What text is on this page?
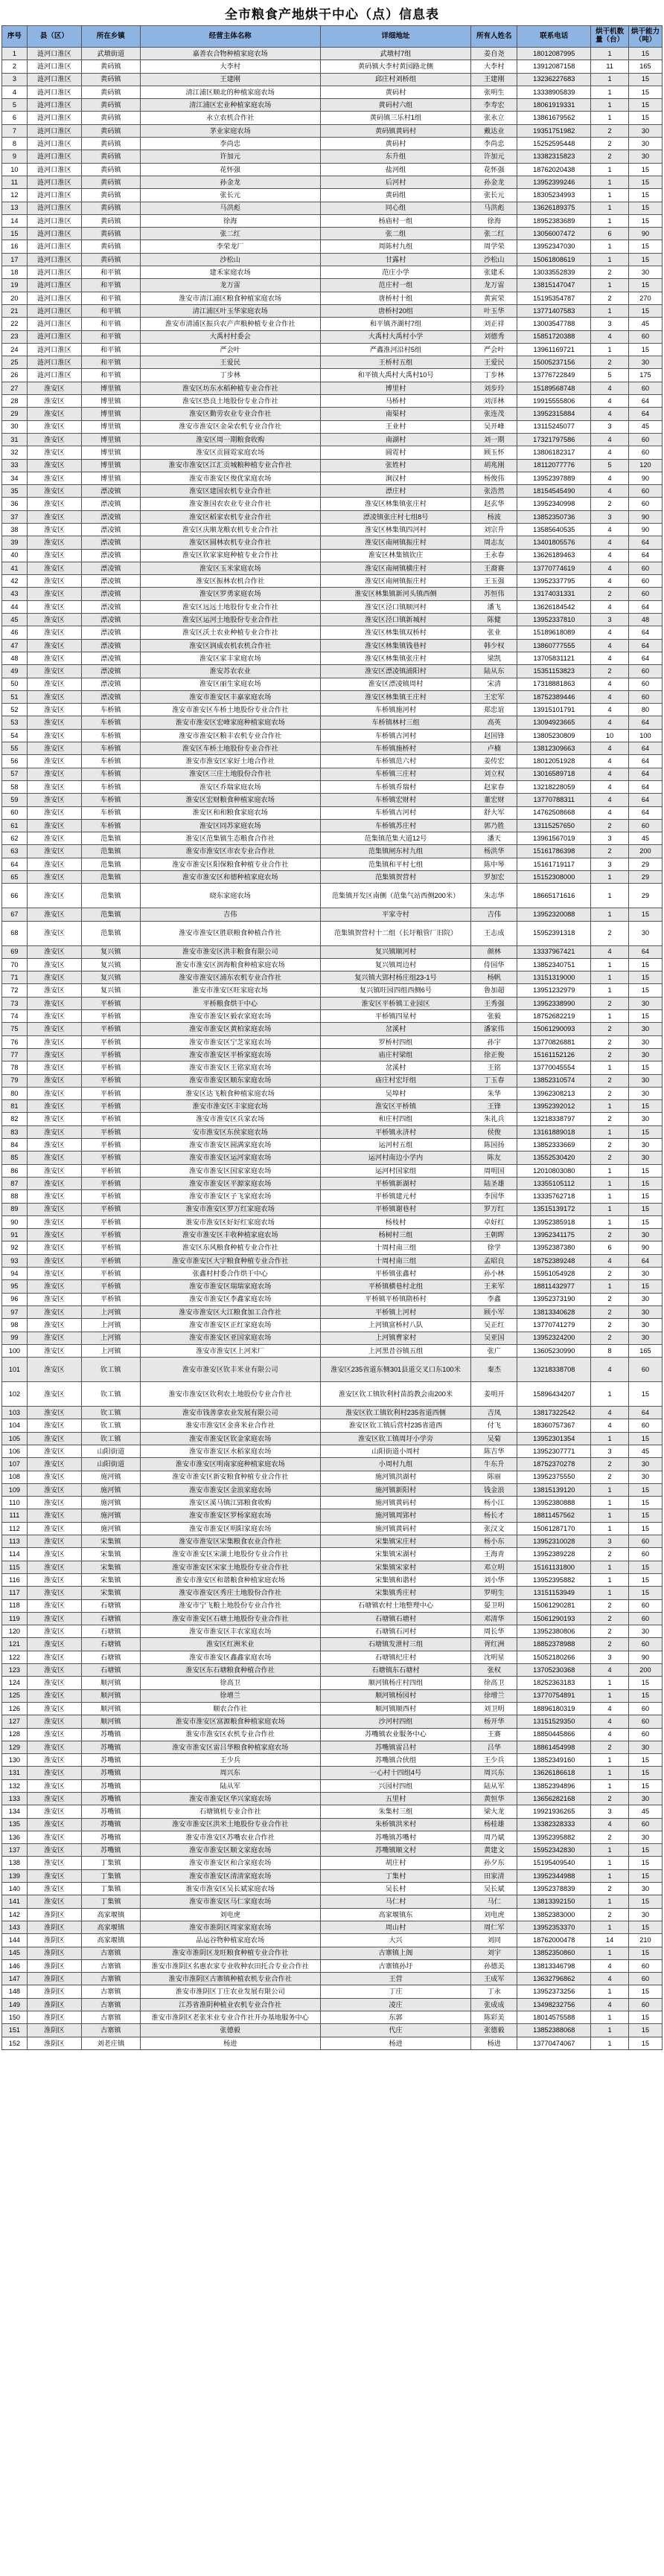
全市粮食产地烘干中心（点）信息表
序号	县（区）	所在乡镇	经营主体名称	详细地址	所有人姓名	联系电话	烘干机数量（台）	烘干能力（吨）
1	涟河口淮区	武墩街道	嘉善农合物种植家庭农场	武墩村7组	姜自尧	18012087995	1	15
2	涟河口淮区	黄码镇	大李村	黄码镇大李村黄园路北侧	大李村	13912087158	11	165
3	涟河口淮区	黄码镇	王建刚	邱庄村刘桥组	王建刚	13236227683	1	15
4	涟河口淮区	黄码镇	清江浦区顺北的种植家庭农场	黄码村	张明生	13338905839	1	15
5	涟河口淮区	黄码镇	清江浦区宏业种植家庭农场	黄码村六组	李寿宏	18061919331	1	15
6	涟河口淮区	黄码镇	永立农机合作社	黄码镇三乐村1组	张永立	13861679562	1	15
7	涟河口淮区	黄码镇	茅业家庭农场	黄码镇黄码村	戴达业	19351751982	2	30
8	涟河口淮区	黄码镇	李尚忠	黄码村	李尚忠	15252595448	2	30
9	涟河口淮区	黄码镇	许加元	东升组	许加元	13382315823	2	30
10	涟河口淮区	黄码镇	花怀强	盐河组	花怀强	18762020438	1	15
11	涟河口淮区	黄码镇	孙金龙	后河村	孙金龙	13952399246	1	15
12	涟河口淮区	黄码镇	张长元	黄码组	张长元	18305234993	1	15
13	涟河口淮区	黄码镇	马洪彪	同心组	马洪彪	13626189375	1	15
14	涟河口淮区	黄码镇	徐海	杨庙村一组	徐海	18952383689	1	15
15	涟河口淮区	黄码镇	张二红	张二组	张二红	13056007472	6	90
16	涟河口淮区	黄码镇	李荣龙厂	周陈村九组	周学荣	13952347030	1	15
17	涟河口淮区	黄码镇	沙松山	甘露村	沙松山	15061808619	1	15
18	涟河口淮区	和平镇	建禾家庭农场	范庄小学	张建禾	13033552839	2	30
19	涟河口淮区	和平镇	龙万雷	范庄村一组	龙万雷	13815147047	1	15
20	涟河口淮区	和平镇	淮安市清江浦区粮食种植家庭农场	唐桥村十组	黄寅荣	15195354787	2	270
21	涟河口淮区	和平镇	清江浦区叶玉华家庭农场	唐桥村20组	叶玉华	13771407583	1	15
22	涟河口淮区	和平镇	淮安市清浦区振兵农产声粮种植专业合作社	和平镇齐湖村7组	刘正祥	13003547788	3	45
23	涟河口淮区	和平镇	大禹村村委会	大禹村大禹村小学	刘德秀	15851720388	4	60
24	涟河口淮区	和平镇	严会叶	严鑫淮河沿村5组	严会叶	13961169721	1	15
25	涟河口淮区	和平镇	王爱民	王桥村五组	王爱民	15005237156	2	30
26	涟河口淮区	和平镇	丁步林	和平镇大禹村大禹村10号	丁步林	13776722849	5	175
27	淮安区	博里镇	淮安区坊东水稻种植专业合作社	博里村	刘步玲	15189568748	4	60
28	淮安区	博里镇	淮安区恐良土地股份专业合作社	马桥村	刘洋林	19915555806	4	64
29	淮安区	博里镇	淮安区勤劳农业专业合作社	南渠村	张连茂	13952315884	4	64
30	淮安区	博里镇	淮安市淮安区金朵农机专业合作社	王业村	吴开峰	13115245077	3	45
31	淮安区	博里镇	淮安区周一期粮食收购	南湖村	刘一期	17321797586	4	60
32	淮安区	博里镇	淮安区贡圆霓家庭农场	圆霓村	顾玉怀	13806182317	4	60
33	淮安区	博里镇	淮安市淮安区江汇贡城粮种植专业合作社	张姓村	胡兆刚	18112077776	5	120
34	淮安区	博里镇	淮安市淮安区俊优家庭农场	涧汉村	杨俊伟	13952397889	4	90
35	淮安区	漂凌镇	淮安区建国农机专业合作社	漂庄村	张浩然	18154545490	4	60
36	淮安区	漂凌镇	淮安淮国农农业专业合作社	淮安区林集镇张庄村	赵玄华	13952340998	2	60
37	淮安区	漂凌镇	淮安区稻家农机专业合作社	漂凌镇张庄村七组8号	杨波	13852350736	3	90
38	淮安区	漂凌镇	淮安区庆顺龙粮农机专业合作社	淮安区林集镇四河村	刘宗升	13585640535	4	90
39	淮安区	漂凌镇	淮安区圆林农机专业合作社	淮安区南闸镇振庄村	周志友	13401805576	4	64
40	淮安区	漂凌镇	淮安区钦家家庭种植专业合作社	淮安区林集镇钦庄	王永春	13626189463	4	64
41	淮安区	漂凌镇	淮安区玉米家庭农场	淮安区南闸镇横庄村	王裔赛	13770774619	4	60
42	淮安区	漂凌镇	淮安区振林农机合作社	淮安区南闸镇振庄村	王玉强	13952337795	4	60
43	淮安区	漂凌镇	淮安区罗勇家庭农场	淮安区林集镇新河头镇西侧	苏恒伟	13174031331	2	60
44	淮安区	漂凌镇	淮安区远远土地股份专业合作社	淮安区泾口镇顺河村	潘飞	13626184542	4	64
45	淮安区	漂凌镇	淮安区运河土地股份专业合作社	淮安区泾口镇新城村	陈健	13952337810	3	48
46	淮安区	漂凌镇	淮安区沃土农业种植专业合作社	淮安区林集镇双桥村	张业	15189618089	4	64
47	淮安区	漂凌镇	淮安区润成农机农机合作社	淮安区林集镇钱巷村	韩少权	13860777555	4	64
48	淮安区	漂凌镇	淮安区家丰家庭农场	淮安区林集镇张庄村	梁凯	13705831121	4	64
49	淮安区	漂凌镇	淮安苏农农业	淮安区漂凌镇浦阳村	陆从东	15351153823	2	60
50	淮安区	漂凌镇	淮安区丽生家庭农场	淮安区漂凌镇周村	宋清	17318881863	4	60
51	淮安区	漂凌镇	淮安市淮安区丰嘉家庭农场	淮安区林集镇王庄村	王宏军	18752389446	4	60
52	淮安区	车桥镇	淮安市淮安区车桥土地股份专业合作社	车桥镇施河村	郑忠谊	13915101791	4	80
53	淮安区	车桥镇	淮安市淮安区宏峰家庭种植家庭农场	车桥镇林村三组	高英	13094923665	4	64
54	淮安区	车桥镇	淮安市淮安区粮丰农机专业合作社	车桥镇古河村	赵国锋	13805230809	10	100
55	淮安区	车桥镇	淮安区车桥土地股份专业合作社	车桥镇施桥村	卢楠	13812309663	4	64
56	淮安区	车桥镇	淮安市淮安区家好土地合作社	车桥镇范六村	姜传宏	18012051928	4	64
57	淮安区	车桥镇	淮安区三庄土地股份合作社	车桥镇三庄村	刘立权	13016589718	4	64
58	淮安区	车桥镇	淮安区乔瑞家庭农场	车桥镇乔瑞村	赵家春	13218228059	4	64
59	淮安区	车桥镇	淮安区宏财粮食种植家庭农场	车桥镇宏财村	董宏财	13770788311	4	64
60	淮安区	车桥镇	淮安区和和粮食家庭农场	车桥镇古河村	舒大军	14762508668	4	64
61	淮安区	车桥镇	淮安区同苏家庭农场	车桥镇苏庄村	郭乃胜	13115257650	2	60
62	淮安区	范集镇	淮安区范集镇生态粮食合作社	范集镇范集大道12号	潘天	13961567019	3	45
63	淮安区	范集镇	淮安市淮安区市农专业合作社	范集镇闸东村九组	杨洪华	15161786398	2	200
64	淮安区	范集镇	淮安市淮安区阳保粮食种植专业合作社	范集镇和平村七组	陈中琴	15161719117	3	29
65	淮安区	范集镇	淮安市淮安区和德种植家庭农场	范集镇贺营村	罗加宏	15152308000	1	29
66	淮安区	范集镇	晓东家庭农场	范集镇开发区南侧（范集气站西侧200米）	朱志华	18665171616	1	29
67	淮安区	范集镇	吉伟	平家寺村	吉伟	13952320088	1	15
68	淮安区	范集镇	淮安市淮安区胜联粮食种植合作社	范集镇贺营村十二组（长圩粮管厂旧院）	王志成	15952391318	2	30
69	淮安区	复兴镇	淮安市淮安区洪丰粮食有限公司	复兴镇顺河村	颜林	13337967421	4	64
70	淮安区	复兴镇	淮安市淮安区润海粮食种植家庭农场	复兴镇周边村	侍国华	13852340751	1	15
71	淮安区	复兴镇	淮安市淮安区浦东农机专业合作社	复兴镇大郢村杨庄组23-1号	杨帆	13151319000	1	15
72	淮安区	复兴镇	淮安市淮安区旺家庭农场	复兴镇旺园四组西侧6号	鲁加超	13951232979	1	15
73	淮安区	平桥镇	平桥粮食烘干中心	淮安区平桥镇工业园区	王秀强	13952338990	2	30
74	淮安区	平桥镇	淮安市淮安区毅农家庭农场	平桥镇四星村	张毅	18752682219	1	15
75	淮安区	平桥镇	淮安市淮安区黄柏家庭农场	岔溪村	潘家伟	15061290093	2	30
76	淮安区	平桥镇	淮安市淮安区宁芝家庭农场	罗桥村四组	孙宇	13770826881	2	30
77	淮安区	平桥镇	淮安市淮安区平桥家庭农场	庙庄村梁组	徐正俊	15161152126	2	30
78	淮安区	平桥镇	淮安市淮安区王铭家庭农场	岔溪村	王铭	13770045554	1	15
79	淮安区	平桥镇	淮安市淮安区顺东家庭农场	庙庄村宏圩组	丁玉春	13852310574	2	30
80	淮安区	平桥镇	淮安区达飞粮食种植家庭农场	吴埠村	朱华	13962308213	2	30
81	淮安区	平桥镇	淮安市淮安区丰家庭农场	淮安区平桥镇	王锋	13952392012	1	15
82	淮安区	平桥镇	淮安市淮安区兵家农场	和庄村四组	朱礼兵	13218338797	2	30
83	淮安区	平桥镇	安市淮安区东侯家庭农场	平桥镇永济村	侯俊	13161889018	1	15
84	淮安区	平桥镇	淮安市淮安区圆满家庭农场	运河村五组	陈国扬	13852333669	2	30
85	淮安区	平桥镇	淮安市淮安区运河家庭农场	运河村南边小学内	陈友	13552530420	2	30
86	淮安区	平桥镇	淮安市淮安区国家家庭农场	运河村国家组	周明国	12010803080	1	15
87	淮安区	平桥镇	淮安市淮安区平源家庭农场	平桥镇新湖村	陆圣雄	13355105112	1	15
88	淮安区	平桥镇	淮安市淮安区子飞家庭农场	平桥镇建元村	李国华	13335762718	1	15
89	淮安区	平桥镇	淮安市淮安区罗万红家庭农场	平桥镇谢巷村	罗万红	13515139172	1	15
90	淮安区	平桥镇	淮安市淮安区好好红家庭农场	杨枝村	卓好红	13952385918	1	15
91	淮安区	平桥镇	淮安市淮安区丰收种植家庭农场	杨树村三组	王朝晖	13952341175	2	30
92	淮安区	平桥镇	淮安区东风粮食种植专业合作社	十周村南三组	徐学	13952387380	6	90
93	淮安区	平桥镇	淮安市淮安区大宇粮食种植专业合作社	十周村南三组	孟昭良	18752389248	4	64
94	淮安区	平桥镇	张鑫村村委合作烘干中心	平桥镇张鑫村	孙小林	15951054928	2	30
95	淮安区	平桥镇	淮安市淮安区瑞瑞家庭农场	平桥镇横巷村北组	王来军	18811432977	1	15
96	淮安区	平桥镇	淮安市淮安区李鑫家庭农场	平桥镇平桥镇隋桥村	李鑫	13952373190	2	30
97	淮安区	上河镇	淮安市淮安区大江粮食加工合作社	平桥镇上河村	顾小军	13813340628	2	30
98	淮安区	上河镇	淮安市淮安区正红家庭农场	上河镇富桥村八队	吴正红	13770741279	2	30
99	淮安区	上河镇	淮安市淮安区亚国家庭农场	上河镇曹家村	吴亚国	13952324200	2	30
100	淮安区	上河镇	淮安市淮安区上河米厂	上河黑昔谷镇五组	张广	13605230990	8	165
101	淮安区	钦工镇	淮安市淮安区钦丰米业有限公司	淮安区235省道东侧301县道交叉口东100米	秦杰	13218338708	4	60
102	淮安区	钦工镇	淮安市淮安区钦利农土地股份专业合作社	淮安区钦工镇钦利村苗韵教会南200米	姜明开	15896434207	1	15
103	淮安区	钦工镇	淮安市钱善拿农业发展有限公司	淮安区钦工镇钦利村235省道西侧	吉凤	13817322542	4	64
104	淮安区	钦工镇	淮安市淮安区金喜米业合作社	淮安区钦工镇后营村235省道西	付飞	18360757367	4	60
105	淮安区	钦工镇	淮安市淮安区钦金家庭农场	淮安区钦工镇周圩小学旁	吴菊	13952301354	1	15
106	淮安区	山阳街道	淮安市淮安区水稻家庭农场	山阳街道小周村	陈吉华	13952307771	3	45
107	淮安区	山阳街道	淮安市淮安区明南家庭种植家庭农场	小周村九组	牛东升	18752370278	2	30
108	淮安区	施河镇	淮安市淮安区新安粮食种植专业合作社	施河镇洪湖村	陈丽	13952375550	2	30
109	淮安区	施河镇	淮安市淮安区金浪家庭农场	施河镇新阳村	钱金浪	13815139120	1	15
110	淮安区	施河镇	淮安区溪马镇江郢粮食收购	施河镇黄码村	杨小江	13952380888	1	15
111	淮安区	施河镇	淮安市淮安区罗杨家庭农场	施河镇周郢村	杨长才	18811457562	1	15
112	淮安区	施河镇	淮安市淮安区明阳家庭农场	施河镇黄码村	张汉文	15061287170	1	15
113	淮安区	宋集镇	淮安市淮安区宋集粮食农业合作社	宋集镇宋庄村	杨小东	13952310028	3	60
114	淮安区	宋集镇	淮安市淮安区宋湖土地股份专业合作社	宋集镇宋湖村	王海青	13952389228	2	60
115	淮安区	宋集镇	淮安市淮安区宋家土地股份专业合作社	宋集镇宋家村	邓立明	15161131800	1	15
116	淮安区	宋集镇	淮安市淮安区和谐粮食种植家庭农场	宋集镇和谐村	刘小华	13952395882	1	15
117	淮安区	宋集镇	淮安市淮安区秀庄土地股份合作社	宋集镇秀庄村	罗明生	13151153949	1	15
118	淮安区	石塘镇	淮安市宁飞粮土地股份专业合作社	石塘镇农村土地整理中心	晏卫明	15061290281	2	60
119	淮安区	石塘镇	淮安市淮安区石塘土地股份专业合作社	石塘镇石塘村	邓清华	15061290193	2	60
120	淮安区	石塘镇	淮安市淮安区丰农家庭农场	石塘镇石河村	周长华	13952380806	2	30
121	淮安区	石塘镇	淮安区红洲米业	石塘镇发泄村三组	胥红洲	18852378988	2	60
122	淮安区	石塘镇	淮安市淮安区鑫鑫家庭农场	石塘镇纪庄村	沈明星	15052180266	3	90
123	淮安区	石塘镇	淮安区东石塘粮食种植合作社	石塘镇东石塘村	张权	13705230368	4	200
124	淮安区	顺河镇	徐高卫	顺河镇杨庄村四组	徐高卫	18252363183	1	15
125	淮安区	顺河镇	徐增兰	顺河镇杨园村	徐增兰	13770754891	1	15
126	淮安区	顺河镇	顺农合作社	顺河镇顺西村	刘卫明	18896180319	4	60
127	淮安区	顺河镇	淮安市淮安区富源粮食种植家庭农场	沙河村四组	杨开华	13151529350	4	60
128	淮安区	苏嘴镇	淮安市淮安区农机专业合作社	苏嘴镇农业服务中心	王赛	18850445866	4	60
129	淮安区	苏嘴镇	淮安市淮安区雷吕华粮食种植家庭农场	苏嘴镇雷吕村	吕华	18861454998	2	30
130	淮安区	苏嘴镇	王少兵	苏嘴镇合伙组	王少兵	13852349160	1	15
131	淮安区	苏嘴镇	周兴东	一心村十四组4号	周兴东	13626186618	1	15
132	淮安区	苏嘴镇	陆从军	兴园村四组	陆从军	13852394896	1	15
133	淮安区	苏嘴镇	淮安市淮安区华兴家庭农场	五里村	黄恒华	13656282168	2	30
134	淮安区	苏嘴镇	石塘镇机专业合作社	朱集村三组	梁大龙	19921936265	3	45
135	淮安区	苏嘴镇	淮安市淮安区洪米土地股份专业合作社	朱桥镇洪米村	杨桂雄	13382328333	4	60
136	淮安区	苏嘴镇	淮安市淮安区苏嘴农业合作社	苏嘴镇苏嘴村	周乃斌	13952395882	2	30
137	淮安区	苏嘴镇	淮安市淮安区顺文家庭农场	苏嘴镇顺文村	黄建文	15952342830	1	15
138	淮安区	丁集镇	淮安市淮安区和合家庭农场	胡庄村	孙夕东	15195409540	1	15
139	淮安区	丁集镇	淮安市淮安区清清家庭农场	丁集村	田家清	13952344988	1	15
140	淮安区	丁集镇	淮安市淮安区吴长斌家庭农场	吴长村	吴长斌	13952378839	2	30
141	淮安区	丁集镇	淮安市淮安区马仁家庭农场	马仁村	马仁	13813392150	1	15
142	淮阴区	高家堰镇	刘电虎	高家堰镇东	刘电虎	13852383000	2	30
143	淮阴区	高家堰镇	淮安市淮阴区周家家庭农场	周山村	周仁军	13952353370	1	15
144	淮阴区	高家堰镇	品运谷物种植家庭农场	大兴	刘同	18762000478	14	210
145	淮阴区	古寨镇	淮安市淮阴区龙旺粮食种植专业合作社	古寨镇上阁	刘宇	13852350860	1	15
146	淮阴区	古寨镇	淮安市淮阴区名惠农家专业收种农田托合专业合作社	古寨镇孙圩	孙德美	13813346798	4	60
147	淮阴区	古寨镇	淮安市淮阴区古寨镇种植农机专业合作社	王营	王成军	13632796862	4	60
148	淮阴区	古寨镇	淮安市淮阴区丁庄农业发展有限公司	丁庄	丁永	13952373256	1	15
149	淮阴区	古寨镇	江苏省淮阴种植业农机专业合作社	凌庄	张成成	13498232756	4	60
150	淮阴区	古寨镇	淮安市淮阴区老张米业专业合作社开办基地服务中心	东郭	陈彩美	18014575588	1	15
151	淮阴区	古寨镇	张德毅	代庄	张德毅	13852388068	1	15
152	淮阴区	刘老庄镇	杨进	杨进	杨进	13770474067	1	15
